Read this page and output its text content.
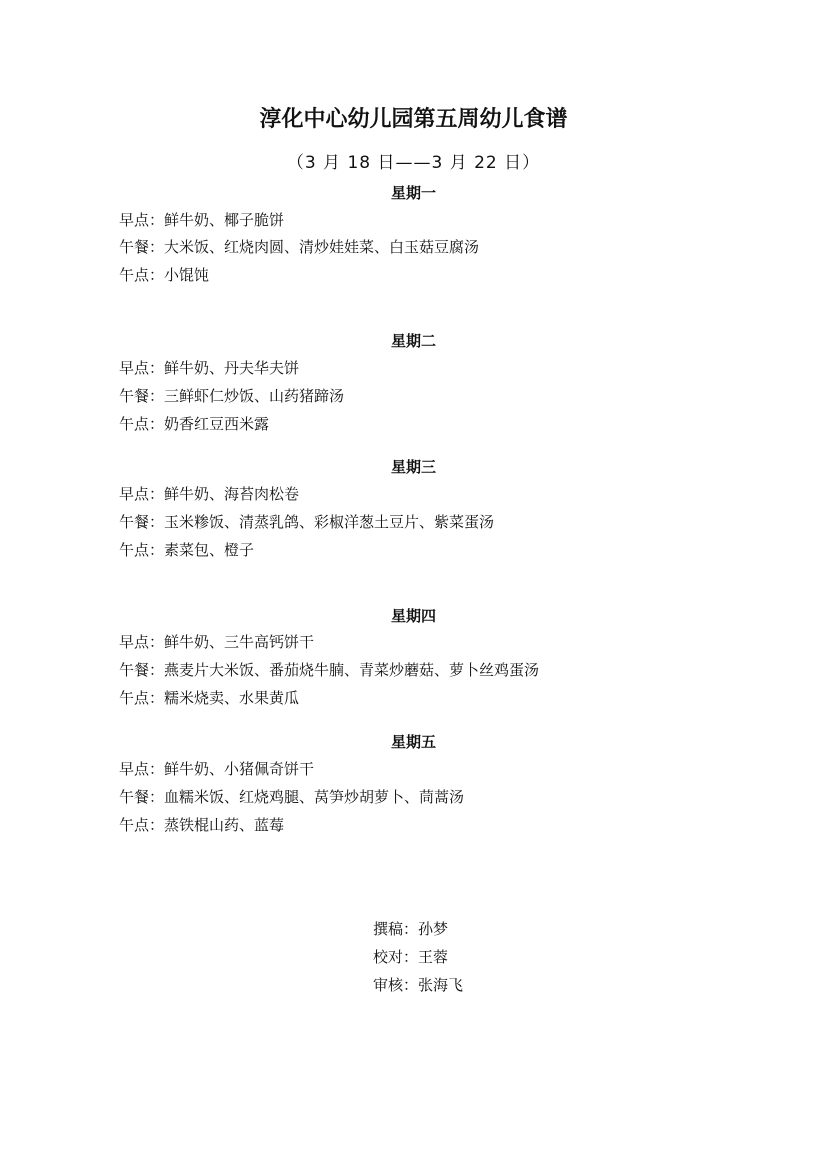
淳化中心幼儿园第五周幼儿食谱
（3 月 18 日——3 月 22 日）
星期一
早点：鲜牛奶、椰子脆饼
午餐：大米饭、红烧肉圆、清炒娃娃菜、白玉菇豆腐汤
午点：小馄饨
星期二
早点：鲜牛奶、丹夫华夫饼
午餐：三鲜虾仁炒饭、山药猪蹄汤
午点：奶香红豆西米露
星期三
早点：鲜牛奶、海苔肉松卷
午餐：玉米糁饭、清蒸乳鸽、彩椒洋葱土豆片、紫菜蛋汤
午点：素菜包、橙子
星期四
早点：鲜牛奶、三牛高钙饼干
午餐：燕麦片大米饭、番茄烧牛腩、青菜炒蘑菇、萝卜丝鸡蛋汤
午点：糯米烧卖、水果黄瓜
星期五
早点：鲜牛奶、小猪佩奇饼干
午餐：血糯米饭、红烧鸡腿、莴笋炒胡萝卜、茼蒿汤
午点：蒸铁棍山药、蓝莓
撰稿：孙梦
校对：王蓉
审核：张海飞
